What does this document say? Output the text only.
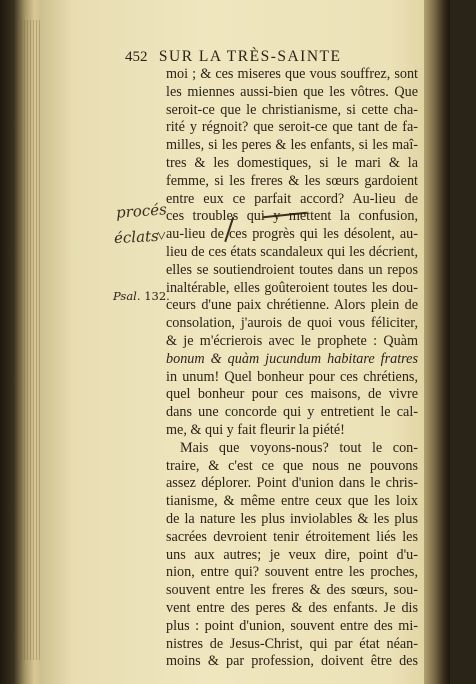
452 SUR LA TRÈS-SAINTE
procés
éclats
Psal. 132.
˅
moi ; & ces miseres que vous souffrez, sont
les miennes aussi-bien que les vôtres. Que
seroit-ce que le christianisme, si cette cha-
rité y régnoit? que seroit-ce que tant de fa-
milles, si les peres & les enfants, si les maî-
tres & les domestiques, si le mari & la
femme, si les freres & les sœurs gardoient
entre eux ce parfait accord? Au-lieu de
ces troubles qui y mettent la confusion,
au-lieu de ces progrès qui les désolent, au-
lieu de ces états scandaleux qui les décrient,
elles se soutiendroient toutes dans un repos
inaltérable, elles goûteroient toutes les dou-
ceurs d'une paix chrétienne. Alors plein de
consolation, j'aurois de quoi vous féliciter,
& je m'écrierois avec le prophete : Quàm
bonum & quàm jucundum habitare fratres
in unum! Quel bonheur pour ces chrétiens,
quel bonheur pour ces maisons, de vivre
dans une concorde qui y entretient le cal-
me, & qui y fait fleurir la piété!
Mais que voyons-nous? tout le con-
traire, & c'est ce que nous ne pouvons
assez déplorer. Point d'union dans le chris-
tianisme, & même entre ceux que les loix
de la nature les plus inviolables & les plus
sacrées devroient tenir étroitement liés les
uns aux autres; je veux dire, point d'u-
nion, entre qui? souvent entre les proches,
souvent entre les freres & des sœurs, sou-
vent entre des peres & des enfants. Je dis
plus : point d'union, souvent entre des mi-
nistres de Jesus-Christ, qui par état néan-
moins & par profession, doivent être des
